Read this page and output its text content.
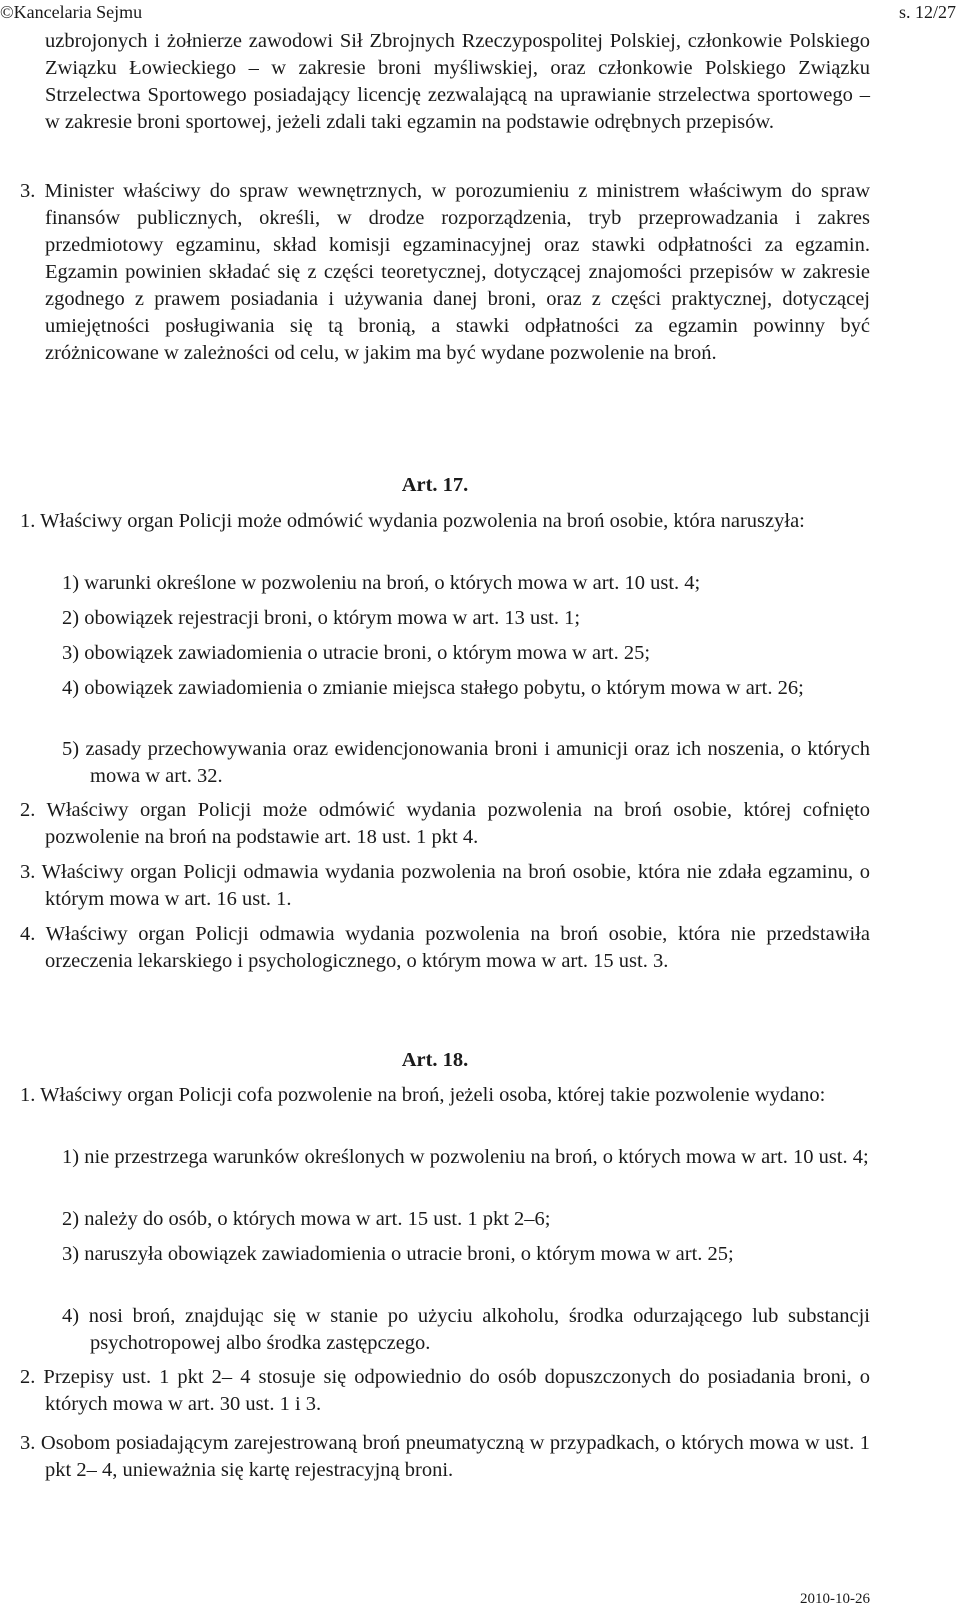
©Kancelaria Sejmu	s. 12/27

uzbrojonych i żołnierze zawodowi Sił Zbrojnych Rzeczypospolitej Polskiej, członkowie Polskiego Związku Łowieckiego – w zakresie broni myśliwskiej, oraz członkowie Polskiego Związku Strzelectwa Sportowego posiadający licencję zezwalającą na uprawianie strzelectwa sportowego – w zakresie broni sportowej, jeżeli zdali taki egzamin na podstawie odrębnych przepisów.

3. Minister właściwy do spraw wewnętrznych, w porozumieniu z ministrem właściwym do spraw finansów publicznych, określi, w drodze rozporządzenia, tryb przeprowadzania i zakres przedmiotowy egzaminu, skład komisji egzaminacyjnej oraz stawki odpłatności za egzamin. Egzamin powinien składać się z części teoretycznej, dotyczącej znajomości przepisów w zakresie zgodnego z prawem posiadania i używania danej broni, oraz z części praktycznej, dotyczącej umiejętności posługiwania się tą bronią, a stawki odpłatności za egzamin powinny być zróżnicowane w zależności od celu, w jakim ma być wydane pozwolenie na broń.

Art. 17.

1. Właściwy organ Policji może odmówić wydania pozwolenia na broń osobie, która naruszyła:

1) warunki określone w pozwoleniu na broń, o których mowa w art. 10 ust. 4;

2) obowiązek rejestracji broni, o którym mowa w art. 13 ust. 1;

3) obowiązek zawiadomienia o utracie broni, o którym mowa w art. 25;

4) obowiązek zawiadomienia o zmianie miejsca stałego pobytu, o którym mowa w art. 26;

5) zasady przechowywania oraz ewidencjonowania broni i amunicji oraz ich noszenia, o których mowa w art. 32.

2. Właściwy organ Policji może odmówić wydania pozwolenia na broń osobie, której cofnięto pozwolenie na broń na podstawie art. 18 ust. 1 pkt 4.

3. Właściwy organ Policji odmawia wydania pozwolenia na broń osobie, która nie zdała egzaminu, o którym mowa w art. 16 ust. 1.

4. Właściwy organ Policji odmawia wydania pozwolenia na broń osobie, która nie przedstawiła orzeczenia lekarskiego i psychologicznego, o którym mowa w art. 15 ust. 3.

Art. 18.

1. Właściwy organ Policji cofa pozwolenie na broń, jeżeli osoba, której takie pozwolenie wydano:

1) nie przestrzega warunków określonych w pozwoleniu na broń, o których mowa w art. 10 ust. 4;

2) należy do osób, o których mowa w art. 15 ust. 1 pkt 2–6;

3) naruszyła obowiązek zawiadomienia o utracie broni, o którym mowa w art. 25;

4) nosi broń, znajdując się w stanie po użyciu alkoholu, środka odurzającego lub substancji psychotropowej albo środka zastępczego.

2. Przepisy ust. 1 pkt 2– 4 stosuje się odpowiednio do osób dopuszczonych do posiadania broni, o których mowa w art. 30 ust. 1 i 3.

3. Osobom posiadającym zarejestrowaną broń pneumatyczną w przypadkach, o których mowa w ust. 1 pkt 2– 4, unieważnia się kartę rejestracyjną broni.

2010-10-26
